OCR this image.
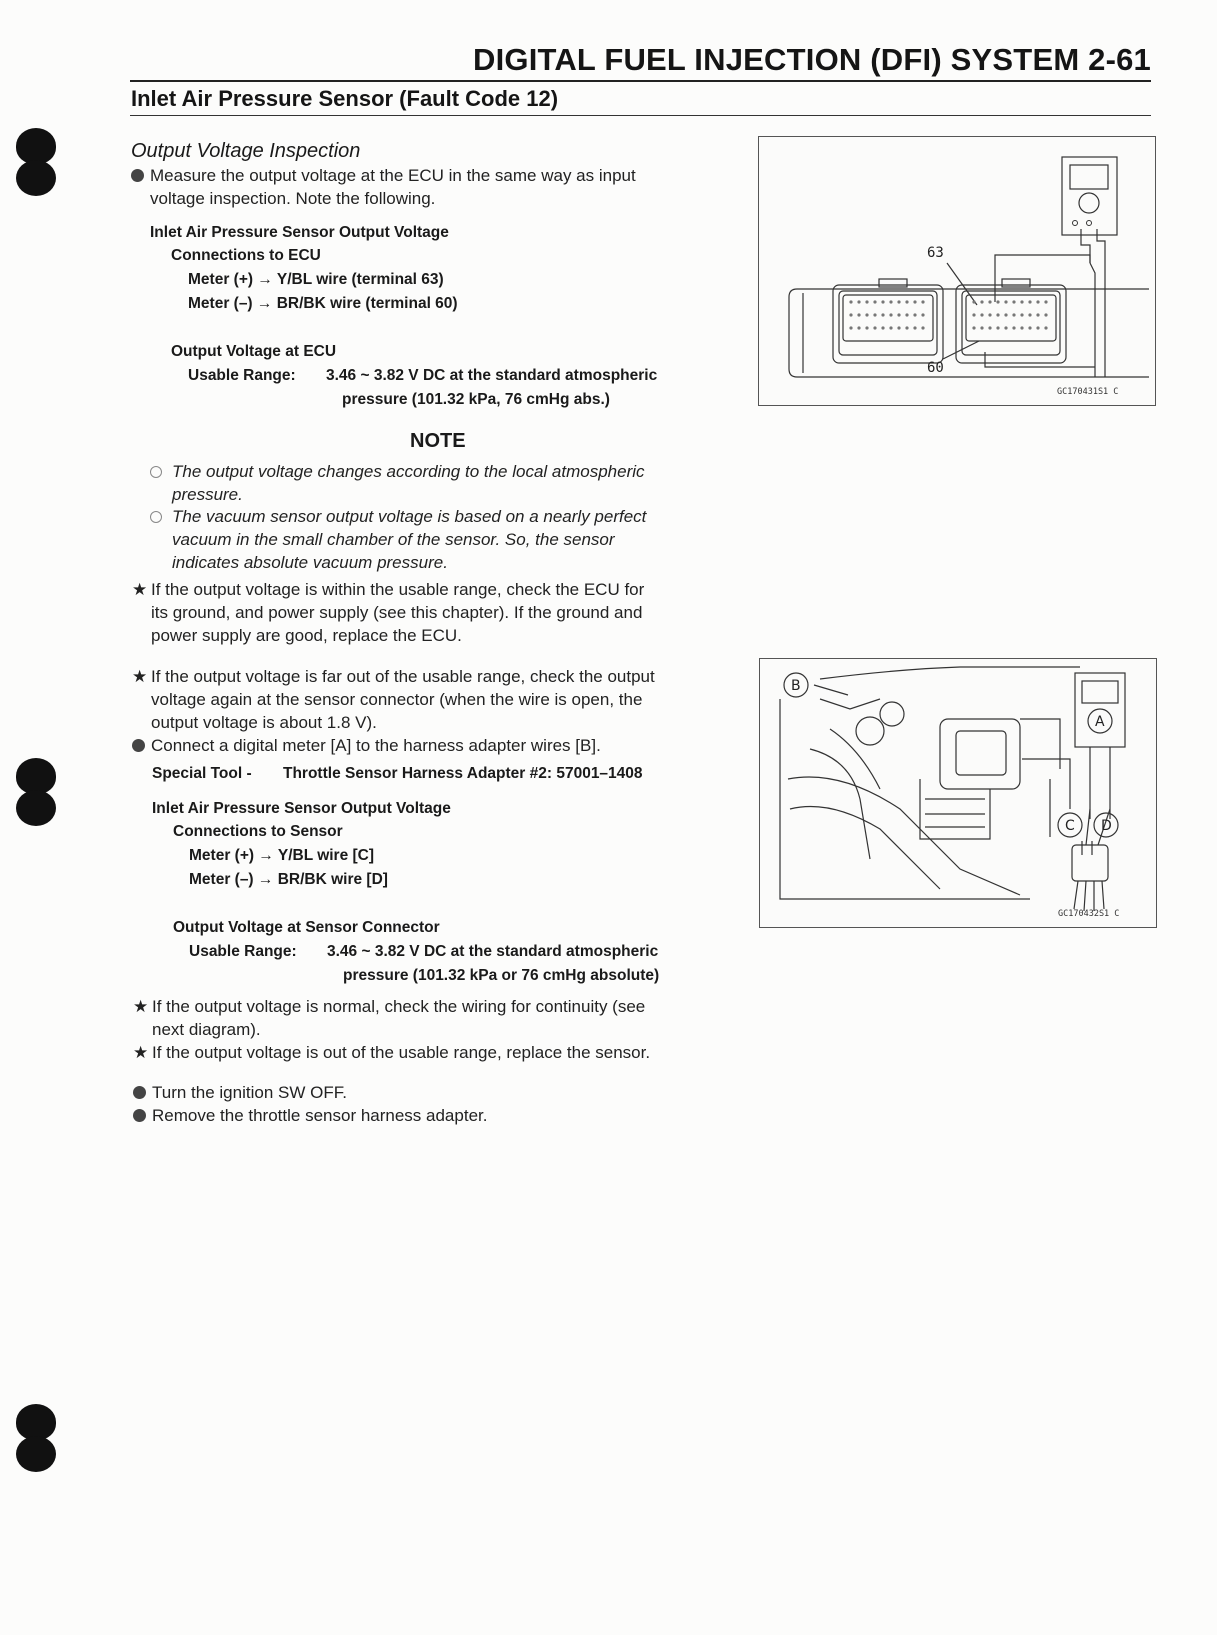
DIGITAL FUEL INJECTION (DFI) SYSTEM 2-61
Inlet Air Pressure Sensor (Fault Code 12)
Output Voltage Inspection
Measure the output voltage at the ECU in the same way as input
voltage inspection. Note the following.
Inlet Air Pressure Sensor Output Voltage
Connections to ECU
Meter (+) → Y/BL wire (terminal 63)
Meter (–) → BR/BK wire (terminal 60)
Output Voltage at ECU
Usable Range: 3.46 ~ 3.82 V DC at the standard atmospheric
pressure (101.32 kPa, 76 cmHg abs.)
NOTE
The output voltage changes according to the local atmospheric
pressure.
The vacuum sensor output voltage is based on a nearly perfect
vacuum in the small chamber of the sensor. So, the sensor
indicates absolute vacuum pressure.
★ If the output voltage is within the usable range, check the ECU for
its ground, and power supply (see this chapter). If the ground and
power supply are good, replace the ECU.
★ If the output voltage is far out of the usable range, check the output
voltage again at the sensor connector (when the wire is open, the
output voltage is about 1.8 V).
Connect a digital meter [A] to the harness adapter wires [B].
Special Tool - Throttle Sensor Harness Adapter #2: 57001–1408
Inlet Air Pressure Sensor Output Voltage
Connections to Sensor
Meter (+) → Y/BL wire [C]
Meter (–) → BR/BK wire [D]
Output Voltage at Sensor Connector
Usable Range: 3.46 ~ 3.82 V DC at the standard atmospheric
pressure (101.32 kPa or 76 cmHg absolute)
★ If the output voltage is normal, check the wiring for continuity (see
next diagram).
★ If the output voltage is out of the usable range, replace the sensor.
Turn the ignition SW OFF.
Remove the throttle sensor harness adapter.
63
60
GC170431S1 C
B
A
C D
GC170432S1 C
